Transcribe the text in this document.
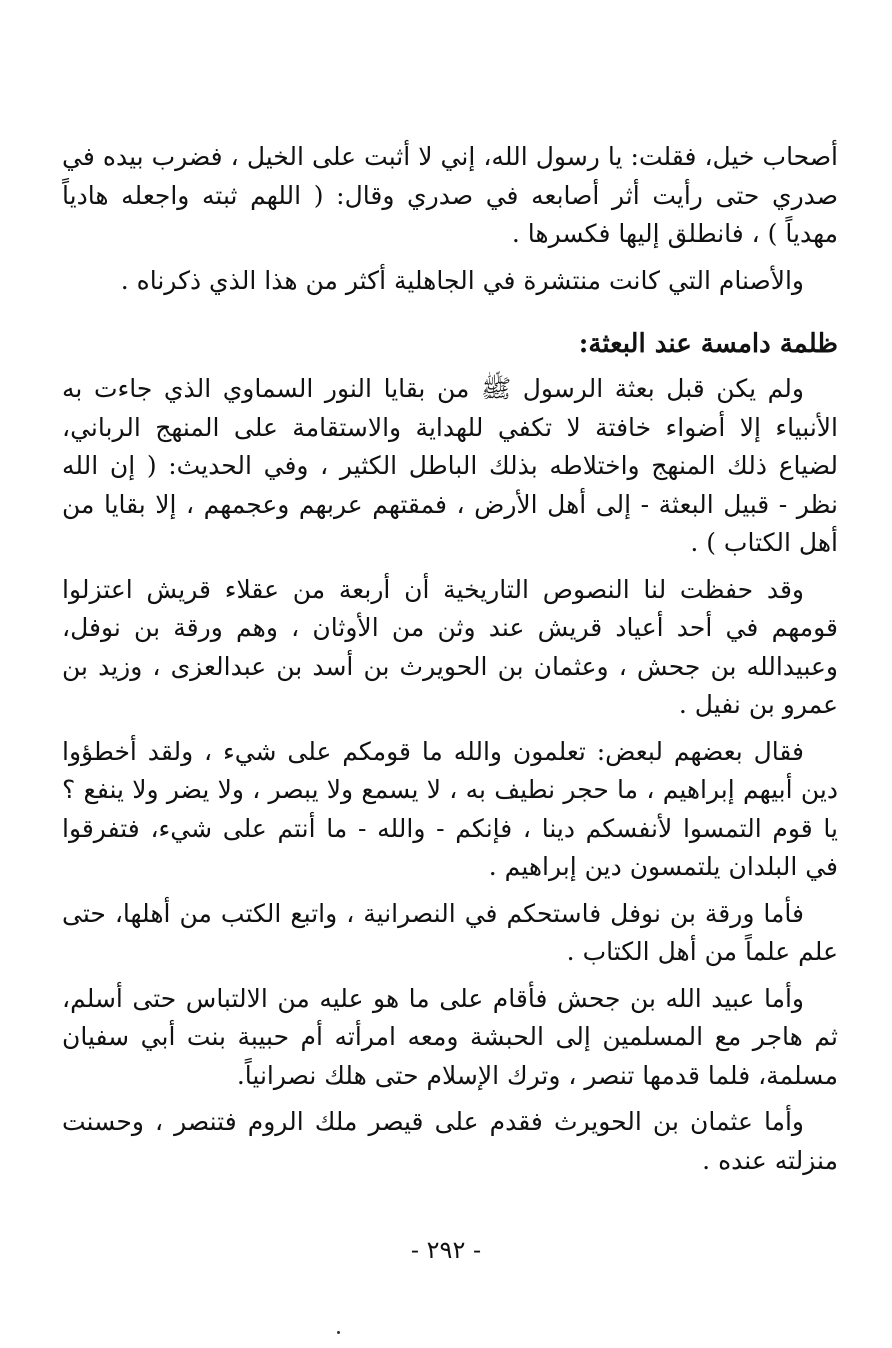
أصحاب خيل، فقلت: يا رسول الله، إني لا أثبت على الخيل ، فضرب بيده في صدري حتى رأيت أثر أصابعه في صدري وقال: ( اللهم ثبته واجعله هادياً مهدياً ) ، فانطلق إليها فكسرها .

والأصنام التي كانت منتشرة في الجاهلية أكثر من هذا الذي ذكرناه .

ظلمة دامسة عند البعثة:

ولم يكن قبل بعثة الرسول ﷺ من بقايا النور السماوي الذي جاءت به الأنبياء إلا أضواء خافتة لا تكفي للهداية والاستقامة على المنهج الرباني، لضياع ذلك المنهج واختلاطه بذلك الباطل الكثير ، وفي الحديث: ( إن الله نظر - قبيل البعثة - إلى أهل الأرض ، فمقتهم عربهم وعجمهم ، إلا بقايا من أهل الكتاب ) .

وقد حفظت لنا النصوص التاريخية أن أربعة من عقلاء قريش اعتزلوا قومهم في أحد أعياد قريش عند وثن من الأوثان ، وهم ورقة بن نوفل، وعبيدالله بن جحش ، وعثمان بن الحويرث بن أسد بن عبدالعزى ، وزيد بن عمرو بن نفيل .

فقال بعضهم لبعض: تعلمون والله ما قومكم على شيء ، ولقد أخطؤوا دين أبيهم إبراهيم ، ما حجر نطيف به ، لا يسمع ولا يبصر ، ولا يضر ولا ينفع ؟ يا قوم التمسوا لأنفسكم دينا ، فإنكم - والله - ما أنتم على شيء، فتفرقوا في البلدان يلتمسون دين إبراهيم .

فأما ورقة بن نوفل فاستحكم في النصرانية ، واتبع الكتب من أهلها، حتى علم علماً من أهل الكتاب .

وأما عبيد الله بن جحش فأقام على ما هو عليه من الالتباس حتى أسلم، ثم هاجر مع المسلمين إلى الحبشة ومعه امرأته أم حبيبة بنت أبي سفيان مسلمة، فلما قدمها تنصر ، وترك الإسلام حتى هلك نصرانياً.

وأما عثمان بن الحويرث فقدم على قيصر ملك الروم فتنصر ، وحسنت منزلته عنده .

- ٢٩٢ -
